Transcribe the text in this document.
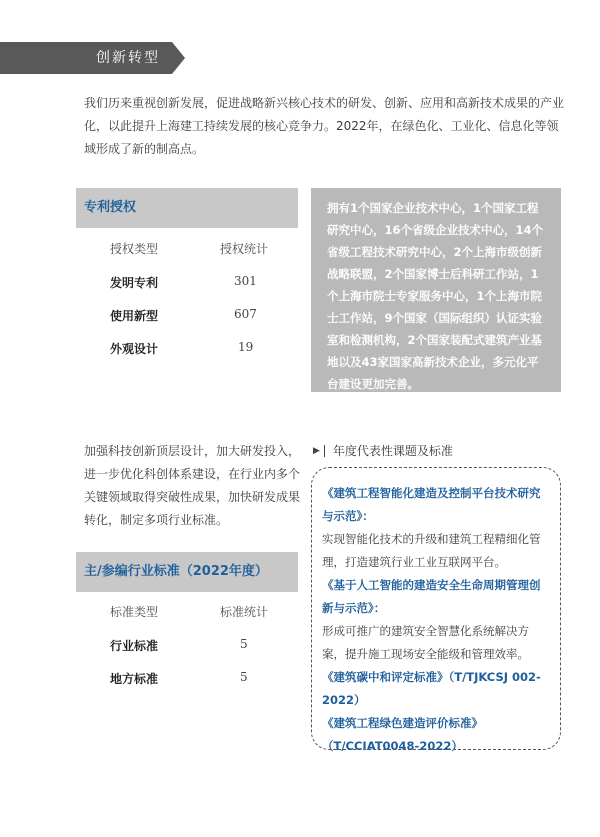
创新转型

我们历来重视创新发展，促进战略新兴核心技术的研发、创新、应用和高新技术成果的产业化，以此提升上海建工持续发展的核心竞争力。2022年，在绿色化、工业化、信息化等领域形成了新的制高点。

专利授权
授权类型	授权统计
发明专利	301
使用新型	607
外观设计	19
拥有1个国家企业技术中心，1个国家工程研究中心，16个省级企业技术中心，14个省级工程技术研究中心，2个上海市级创新战略联盟，2个国家博士后科研工作站，1个上海市院士专家服务中心，1个上海市院士工作站，9个国家（国际组织）认证实验室和检测机构，2个国家装配式建筑产业基地以及43家国家高新技术企业，多元化平台建设更加完善。

加强科技创新顶层设计，加大研发投入，进一步优化科创体系建设，在行业内多个关键领域取得突破性成果，加快研发成果转化，制定多项行业标准。

主/参编行业标准（2022年度）
标准类型	标准统计
行业标准	5
地方标准	5
▶ 年度代表性课题及标准

《建筑工程智能化建造及控制平台技术研究与示范》：

实现智能化技术的升级和建筑工程精细化管理，打造建筑行业工业互联网平台。

《基于人工智能的建造安全生命周期管理创新与示范》：

形成可推广的建筑安全智慧化系统解决方案，提升施工现场安全能级和管理效率。

《建筑碳中和评定标准》（T/TJKCSJ 002-2022）

《建筑工程绿色建造评价标准》（T/CCIAT0048-2022）
